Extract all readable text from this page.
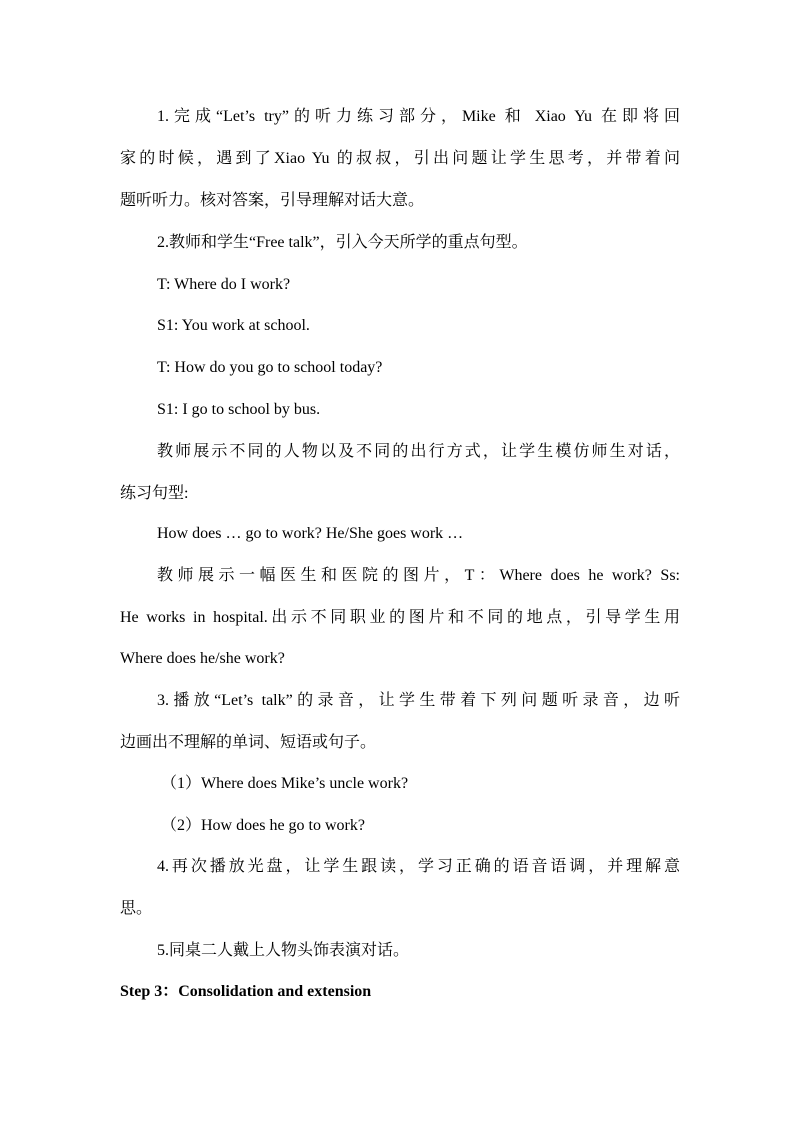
1.完成“Let’s try”的听力练习部分，Mike 和 Xiao Yu 在即将回
家的时候，遇到了Xiao Yu 的叔叔，引出问题让学生思考，并带着问
题听听力。核对答案，引导理解对话大意。
2.教师和学生“Free talk”，引入今天所学的重点句型。
T: Where do I work?
S1: You work at school.
T: How do you go to school today?
S1: I go to school by bus.
教师展示不同的人物以及不同的出行方式，让学生模仿师生对话，
练习句型:
How does … go to work? He/She goes work …
教师展示一幅医生和医院的图片，T：Where does he work? Ss:
He works in hospital.出示不同职业的图片和不同的地点，引导学生用
Where does he/she work?
3.播放“Let’s talk”的录音，让学生带着下列问题听录音，边听
边画出不理解的单词、短语或句子。
（1）Where does Mike’s uncle work?
（2）How does he go to work?
4.再次播放光盘，让学生跟读，学习正确的语音语调，并理解意
思。
5.同桌二人戴上人物头饰表演对话。
Step 3：Consolidation and extension
